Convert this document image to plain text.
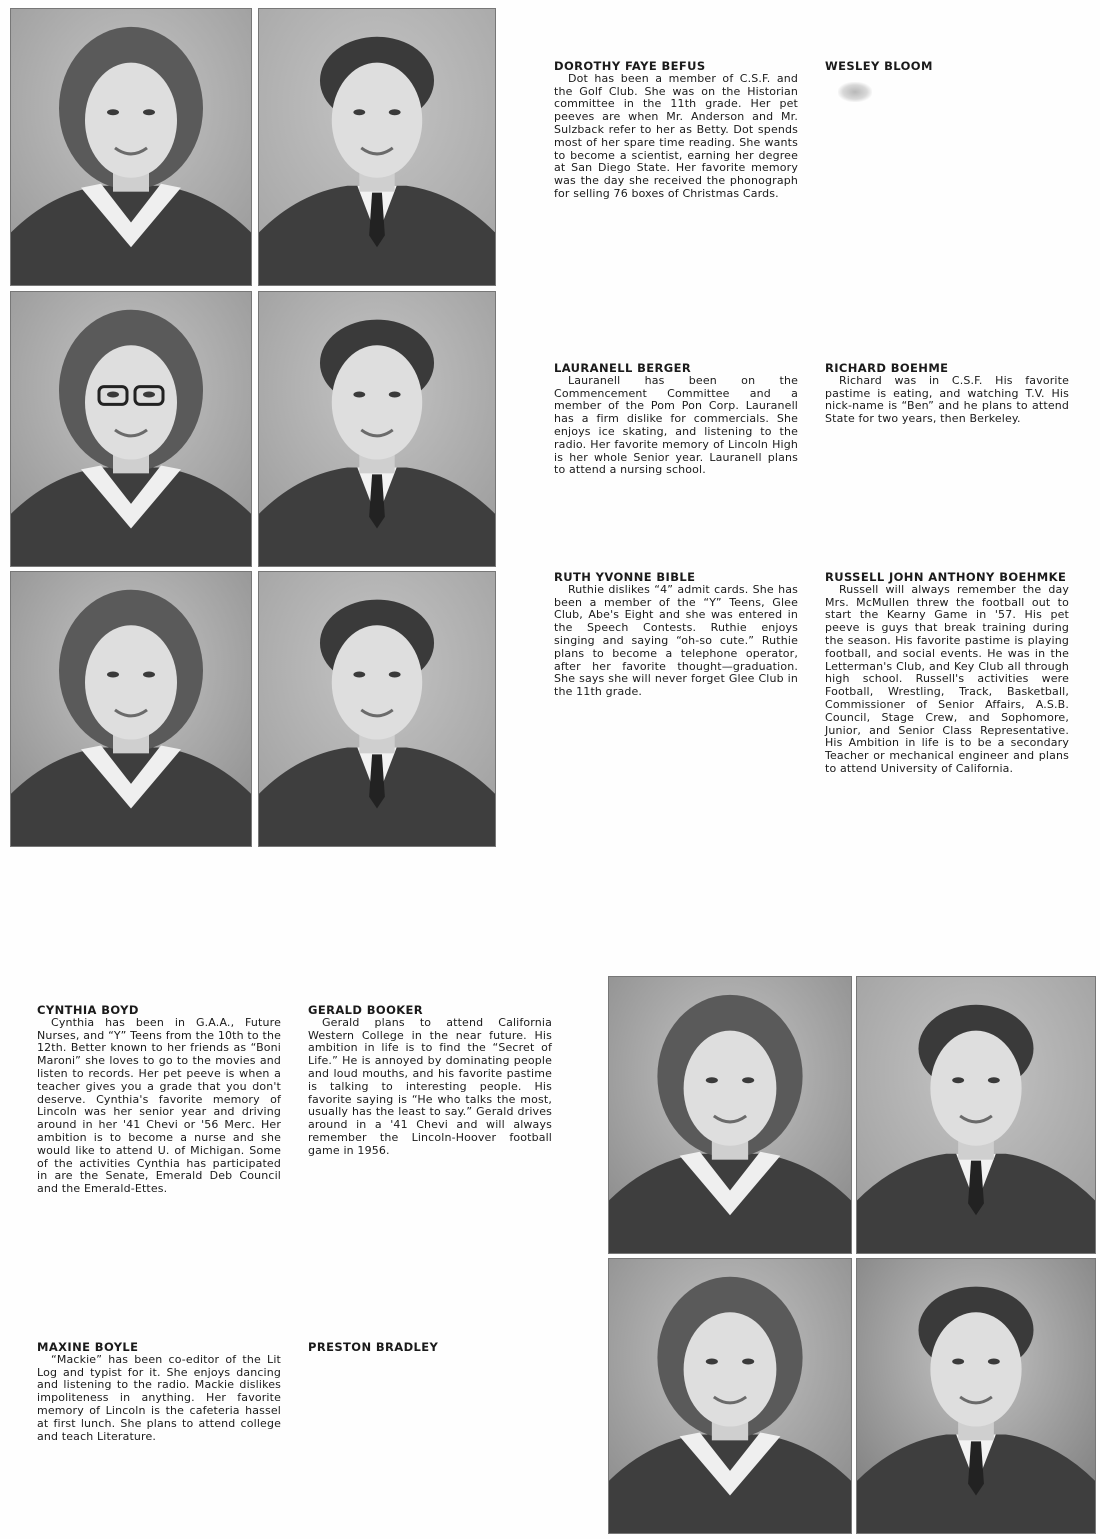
DOROTHY FAYE BEFUS
Dot has been a member of C.S.F. and the Golf Club. She was on the Historian committee in the 11th grade. Her pet peeves are when Mr. Anderson and Mr. Sulzback refer to her as Betty. Dot spends most of her spare time reading. She wants to become a scientist, earning her degree at San Diego State. Her favorite memory was the day she received the phonograph for selling 76 boxes of Christmas Cards.
WESLEY BLOOM
LAURANELL BERGER
Lauranell has been on the Commencement Committee and a member of the Pom Pon Corp. Lauranell has a firm dislike for commercials. She enjoys ice skating, and listening to the radio. Her favorite memory of Lincoln High is her whole Senior year. Lauranell plans to attend a nursing school.
RICHARD BOEHME
Richard was in C.S.F. His favorite pastime is eating, and watching T.V. His nick-name is “Ben” and he plans to attend State for two years, then Berkeley.
RUTH YVONNE BIBLE
Ruthie dislikes “4” admit cards. She has been a member of the “Y” Teens, Glee Club, Abe's Eight and she was entered in the Speech Contests. Ruthie enjoys singing and saying “oh-so cute.” Ruthie plans to become a telephone operator, after her favorite thought—graduation. She says she will never forget Glee Club in the 11th grade.
RUSSELL JOHN ANTHONY BOEHMKE
Russell will always remember the day Mrs. McMullen threw the football out to start the Kearny Game in '57. His pet peeve is guys that break training during the season. His favorite pastime is playing football, and social events. He was in the Letterman's Club, and Key Club all through high school. Russell's activities were Football, Wrestling, Track, Basketball, Commissioner of Senior Affairs, A.S.B. Council, Stage Crew, and Sophomore, Junior, and Senior Class Representative. His Ambition in life is to be a secondary Teacher or mechanical engineer and plans to attend University of California.
CYNTHIA BOYD
Cynthia has been in G.A.A., Future Nurses, and “Y” Teens from the 10th to the 12th. Better known to her friends as “Boni Maroni” she loves to go to the movies and listen to records. Her pet peeve is when a teacher gives you a grade that you don't deserve. Cynthia's favorite memory of Lincoln was her senior year and driving around in her '41 Chevi or '56 Merc. Her ambition is to become a nurse and she would like to attend U. of Michigan. Some of the activities Cynthia has participated in are the Senate, Emerald Deb Council and the Emerald-Ettes.
GERALD BOOKER
Gerald plans to attend California Western College in the near future. His ambition in life is to find the “Secret of Life.” He is annoyed by dominating people and loud mouths, and his favorite pastime is talking to interesting people. His favorite saying is “He who talks the most, usually has the least to say.” Gerald drives around in a '41 Chevi and will always remember the Lincoln-Hoover football game in 1956.
MAXINE BOYLE
“Mackie” has been co-editor of the Lit Log and typist for it. She enjoys dancing and listening to the radio. Mackie dislikes impoliteness in anything. Her favorite memory of Lincoln is the cafeteria hassel at first lunch. She plans to attend college and teach Literature.
PRESTON BRADLEY
